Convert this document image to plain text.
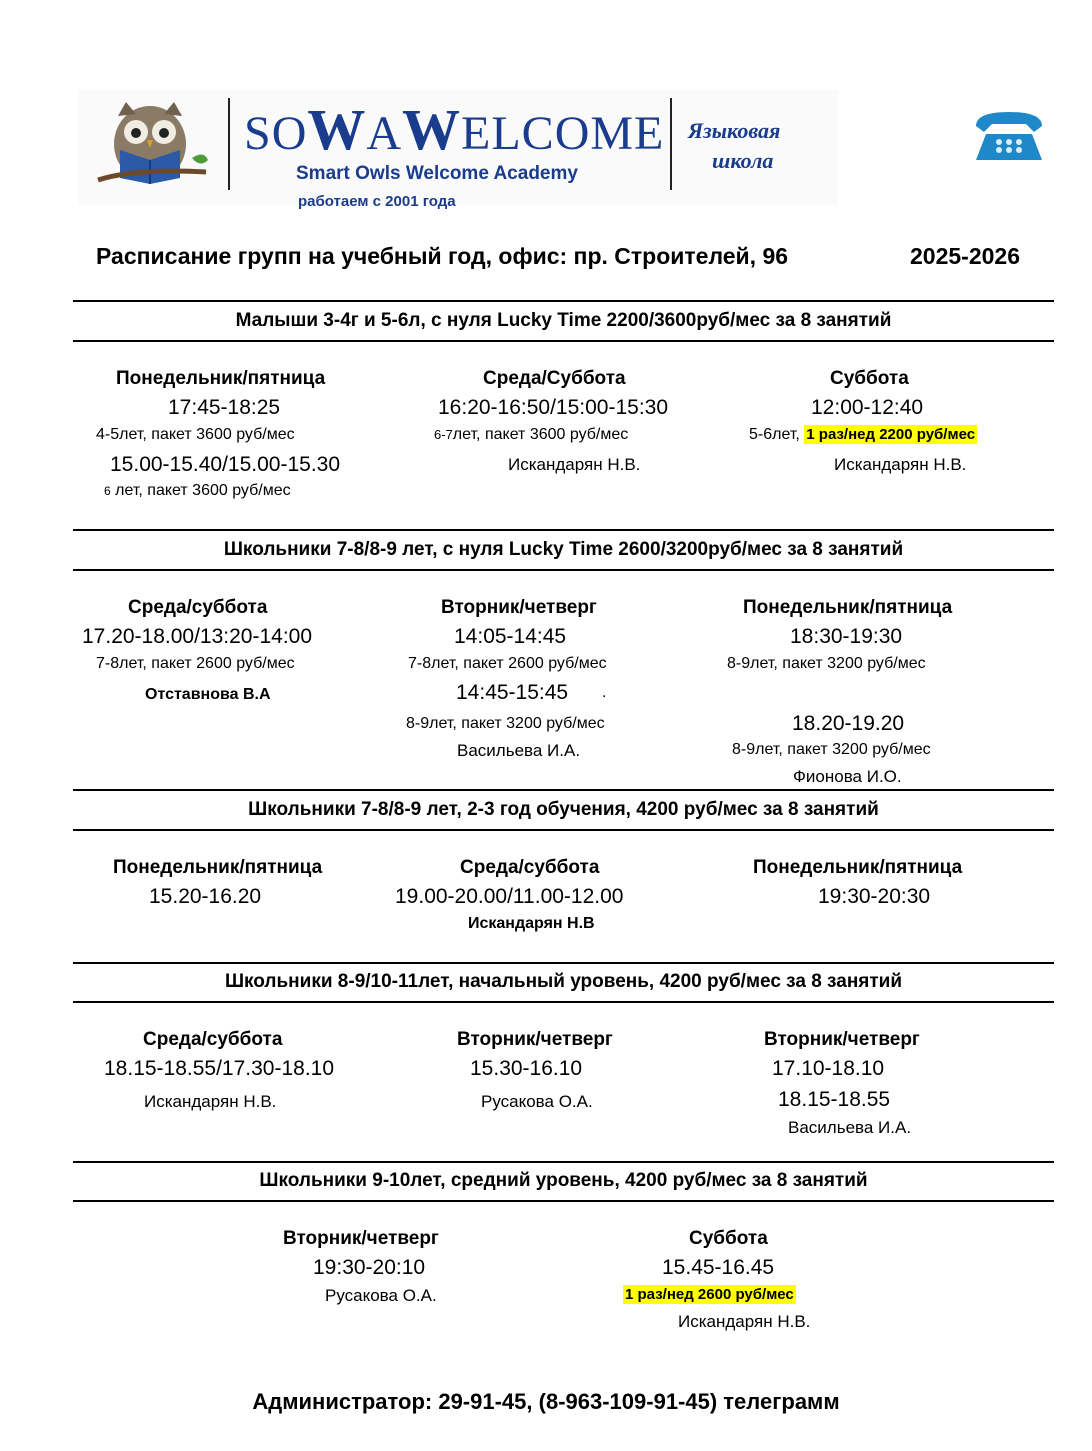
SOWAWELCOME
Smart Owls Welcome Academy
работаем с 2001 года
Языковая
школа
Расписание групп на учебный год, офис: пр. Строителей, 96	2025-2026
Малыши 3-4г и 5-6л, с нуля Lucky Time 2200/3600руб/мес за 8 занятий
Понедельник/пятница
17:45-18:25
4-5лет, пакет 3600 руб/мес
15.00-15.40/15.00-15.30
6 лет, пакет 3600 руб/мес
Среда/Суббота
16:20-16:50/15:00-15:30
6-7лет, пакет 3600 руб/мес
Искандарян Н.В.
Суббота
12:00-12:40
5-6лет, 1 раз/нед 2200 руб/мес
Искандарян Н.В.
Школьники 7-8/8-9 лет, с нуля Lucky Time 2600/3200руб/мес за 8 занятий
Среда/суббота
17.20-18.00/13:20-14:00
7-8лет, пакет 2600 руб/мес
Отставнова В.А
Вторник/четверг
14:05-14:45
7-8лет, пакет 2600 руб/мес
14:45-15:45 .
8-9лет, пакет 3200 руб/мес
Васильева И.А.
Понедельник/пятница
18:30-19:30
8-9лет, пакет 3200 руб/мес
18.20-19.20
8-9лет, пакет 3200 руб/мес
Фионова И.О.
Школьники 7-8/8-9 лет, 2-3 год обучения, 4200 руб/мес за 8 занятий
Понедельник/пятница
15.20-16.20
Среда/суббота
19.00-20.00/11.00-12.00
Искандарян Н.В
Понедельник/пятница
19:30-20:30
Школьники 8-9/10-11лет, начальный уровень, 4200 руб/мес за 8 занятий
Среда/суббота
18.15-18.55/17.30-18.10
Искандарян Н.В.
Вторник/четверг
15.30-16.10
Русакова О.А.
Вторник/четверг
17.10-18.10
18.15-18.55
Васильева И.А.
Школьники 9-10лет, средний уровень, 4200 руб/мес за 8 занятий
Вторник/четверг
19:30-20:10
Русакова О.А.
Суббота
15.45-16.45
1 раз/нед 2600 руб/мес
Искандарян Н.В.
Администратор: 29-91-45, (8-963-109-91-45) телеграмм
